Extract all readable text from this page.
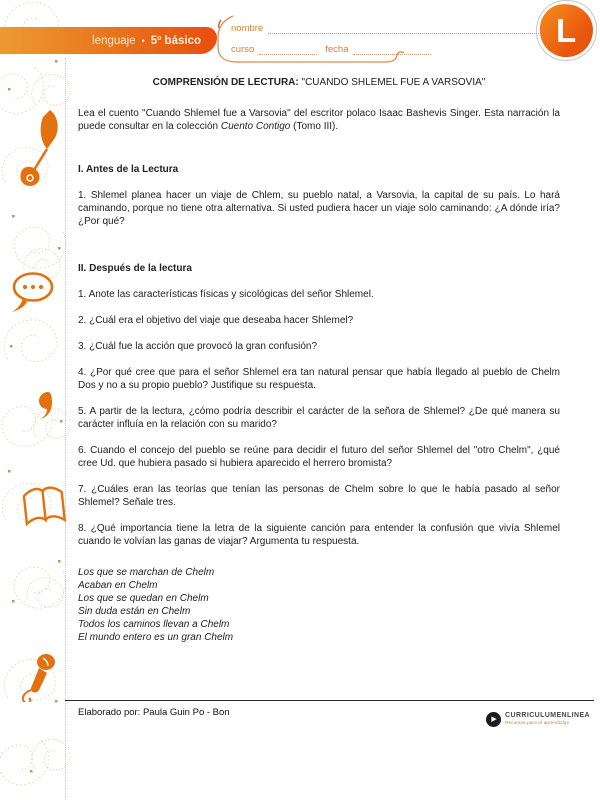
lenguaje • 5º básico
nombre
curso	fecha
L
COMPRENSIÓN DE LECTURA: "CUANDO SHLEMEL FUE A VARSOVIA"

Lea el cuento "Cuando Shlemel fue a Varsovia" del escritor polaco Isaac Bashevis Singer. Esta narración la puede consultar en la colección Cuento Contigo (Tomo III).

I. Antes de la Lectura

1. Shlemel planea hacer un viaje de Chlem, su pueblo natal, a Varsovia, la capital de su país. Lo hará caminando, porque no tiene otra alternativa. Si usted pudiera hacer un viaje solo caminando: ¿A dónde iría? ¿Por qué?

II. Después de la lectura

1. Anote las características físicas y sicológicas del señor Shlemel.

2. ¿Cuál era el objetivo del viaje que deseaba hacer Shlemel?

3. ¿Cuál fue la acción que provocó la gran confusión?

4. ¿Por qué cree que para el señor Shlemel era tan natural pensar que había llegado al pueblo de Chelm Dos y no a su propio pueblo? Justifique su respuesta.

5. A partir de la lectura, ¿cómo podría describir el carácter de la señora de Shlemel? ¿De qué manera su carácter influía en la relación con su marido?

6. Cuando el concejo del pueblo se reúne para decidir el futuro del señor Shlemel del "otro Chelm", ¿qué cree Ud. que hubiera pasado si hubiera aparecido el herrero bromista?

7. ¿Cuáles eran las teorías que tenían las personas de Chelm sobre lo que le había pasado al señor Shlemel? Señale tres.

8. ¿Qué importancia tiene la letra de la siguiente canción para entender la confusión que vivía Shlemel cuando le volvían las ganas de viajar? Argumenta tu respuesta.

Los que se marchan de Chelm
Acaban en Chelm
Los que se quedan en Chelm
Sin duda están en Chelm
Todos los caminos llevan a Chelm
El mundo entero es un gran Chelm
Elaborado por: Paula Guin Po - Bon
▶
CURRICULUMENLINEA
Recursos para el aprendizaje
